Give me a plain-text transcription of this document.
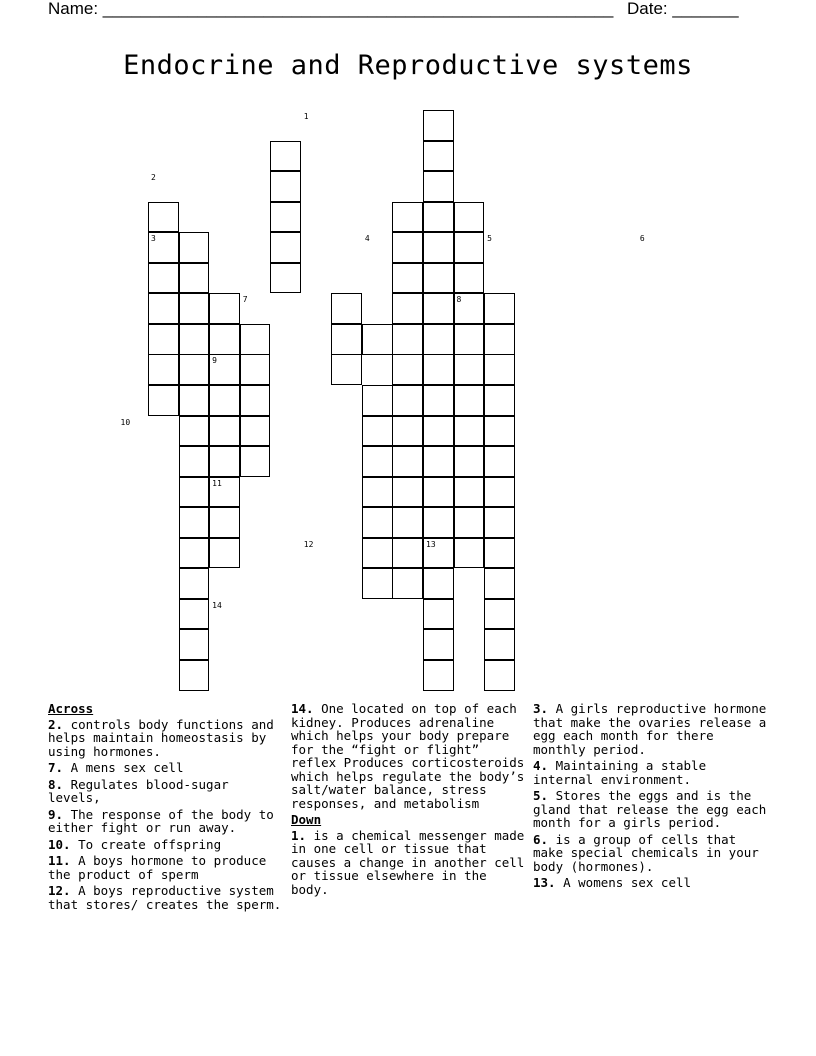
Name: ______________________________________________________ Date: _______
Endocrine and Reproductive systems
1
2
3	4	5	6
7	8
9
10
11
12	13
14
Across
2. controls body functions and helps maintain homeostasis by using hormones.
7. A mens sex cell
8. Regulates blood-sugar levels,
9. The response of the body to either fight or run away.
10. To create offspring
11. A boys hormone to produce the product of sperm
12. A boys reproductive system that stores/ creates the sperm.
14. One located on top of each kidney. Produces adrenaline which helps your body prepare for the “fight or flight” reflex Produces corticosteroids which helps regulate the body’s salt/water balance, stress responses, and metabolism
Down
1. is a chemical messenger made in one cell or tissue that causes a change in another cell or tissue elsewhere in the body.
3. A girls reproductive hormone that make the ovaries release a egg each month for there monthly period.
4. Maintaining a stable internal environment.
5. Stores the eggs and is the gland that release the egg each month for a girls period.
6. is a group of cells that make special chemicals in your body (hormones).
13. A womens sex cell
